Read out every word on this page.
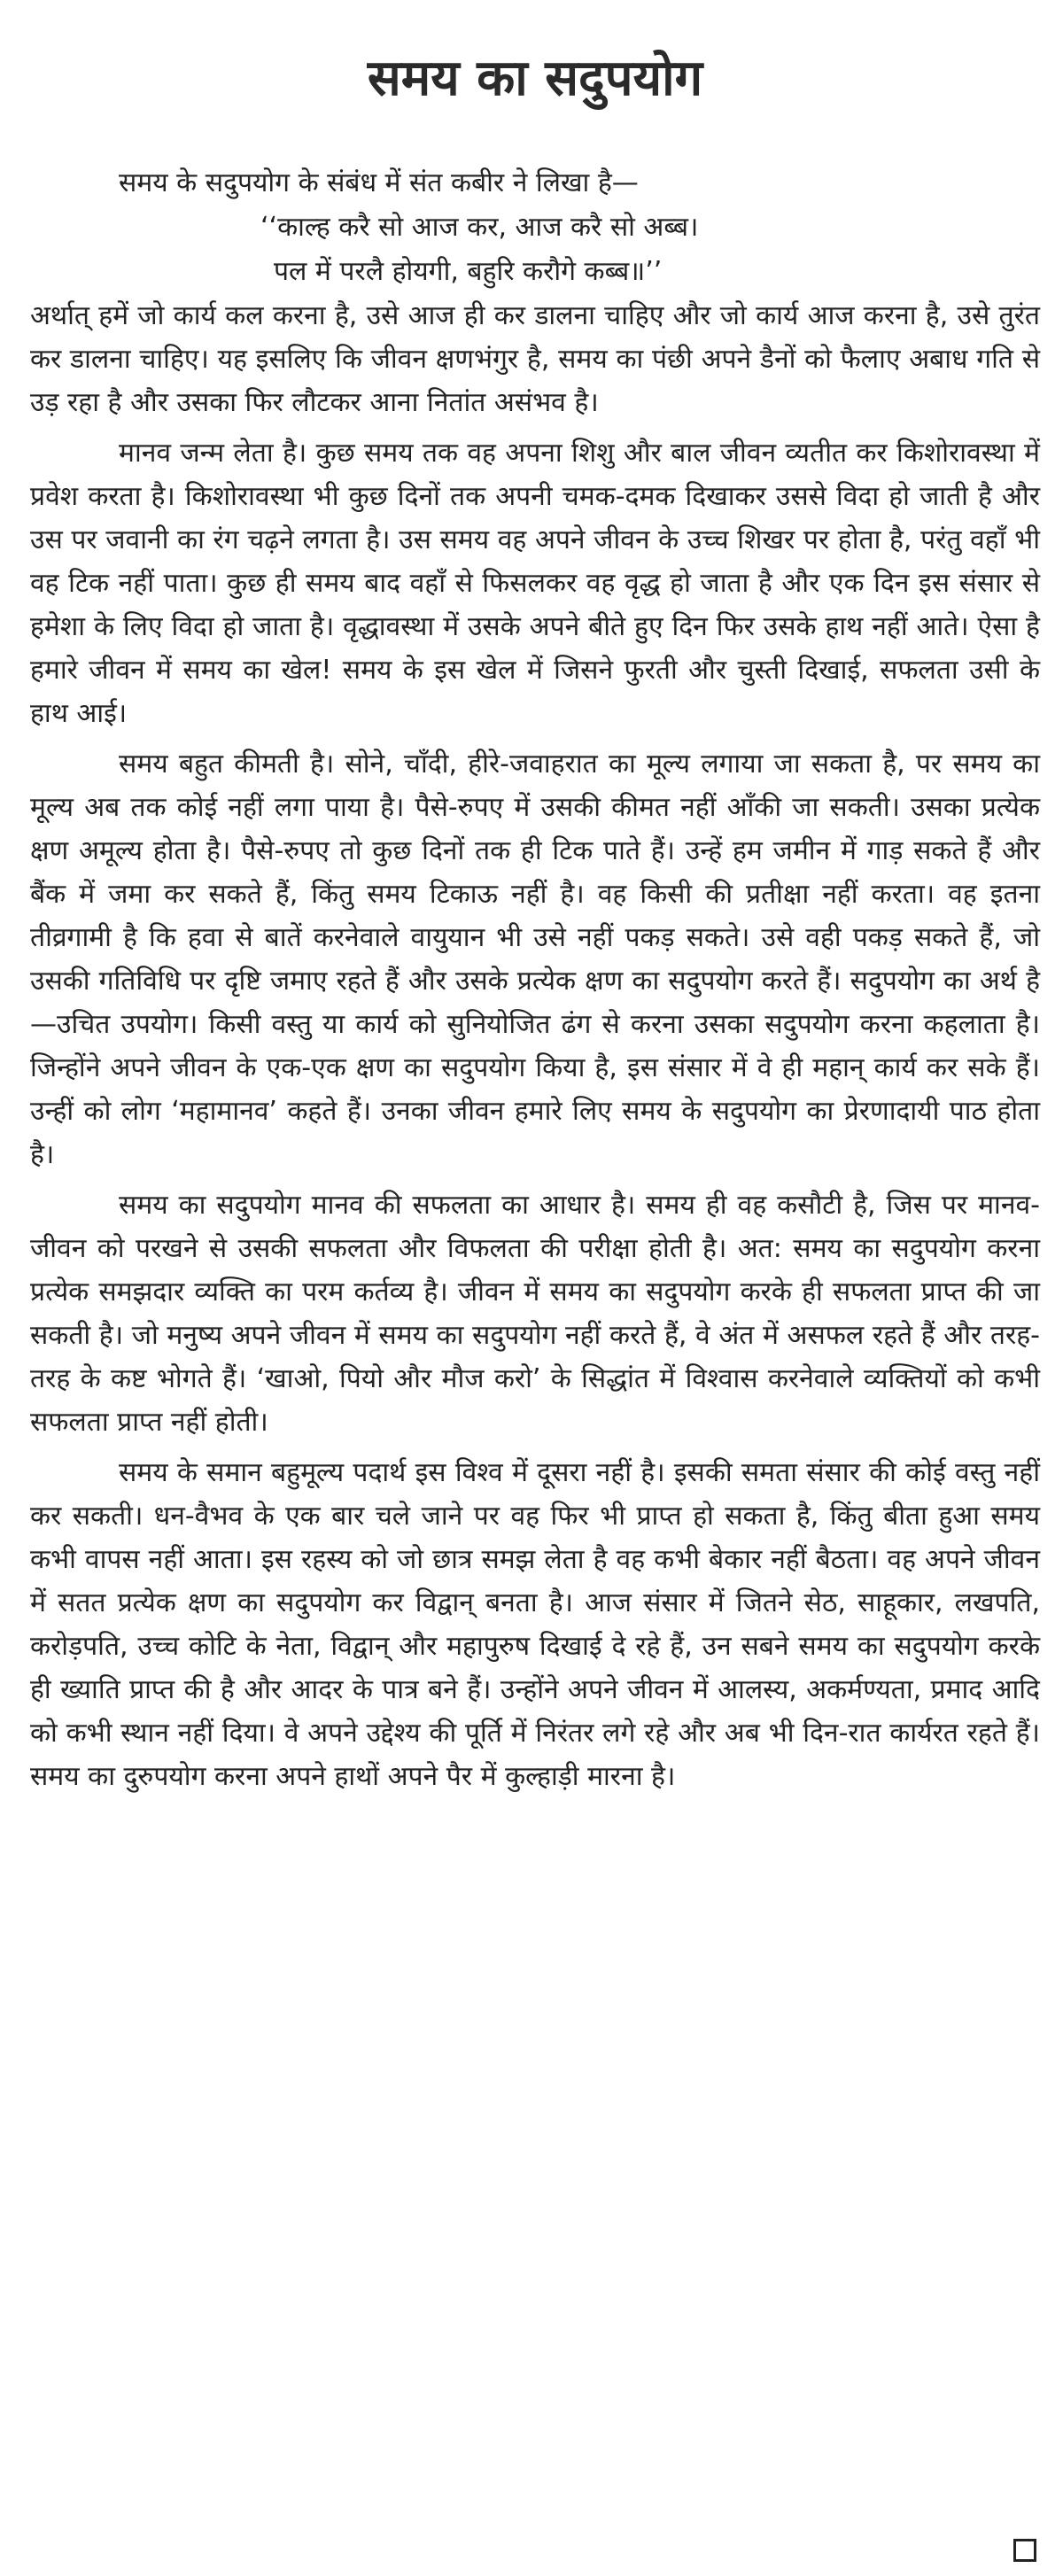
समय का सदुपयोग

समय के सदुपयोग के संबंध में संत कबीर ने लिखा है—

‘‘काल्ह करै सो आज कर, आज करै सो अब्ब।

पल में परलै होयगी, बहुरि करौगे कब्ब॥’’

अर्थात् हमें जो कार्य कल करना है, उसे आज ही कर डालना चाहिए और जो कार्य आज करना है, उसे तुरंत कर डालना चाहिए। यह इसलिए कि जीवन क्षणभंगुर है, समय का पंछी अपने डैनों को फैलाए अबाध गति से उड़ रहा है और उसका फिर लौटकर आना नितांत असंभव है।

मानव जन्म लेता है। कुछ समय तक वह अपना शिशु और बाल जीवन व्यतीत कर किशोरावस्था में प्रवेश करता है। किशोरावस्था भी कुछ दिनों तक अपनी चमक-दमक दिखाकर उससे विदा हो जाती है और उस पर जवानी का रंग चढ़ने लगता है। उस समय वह अपने जीवन के उच्च शिखर पर होता है, परंतु वहाँ भी वह टिक नहीं पाता। कुछ ही समय बाद वहाँ से फिसलकर वह वृद्ध हो जाता है और एक दिन इस संसार से हमेशा के लिए विदा हो जाता है। वृद्धावस्था में उसके अपने बीते हुए दिन फिर उसके हाथ नहीं आते। ऐसा है हमारे जीवन में समय का खेल! समय के इस खेल में जिसने फुरती और चुस्ती दिखाई, सफलता उसी के हाथ आई।

समय बहुत कीमती है। सोने, चाँदी, हीरे-जवाहरात का मूल्य लगाया जा सकता है, पर समय का मूल्य अब तक कोई नहीं लगा पाया है। पैसे-रुपए में उसकी कीमत नहीं आँकी जा सकती। उसका प्रत्येक क्षण अमूल्य होता है। पैसे-रुपए तो कुछ दिनों तक ही टिक पाते हैं। उन्हें हम जमीन में गाड़ सकते हैं और बैंक में जमा कर सकते हैं, किंतु समय टिकाऊ नहीं है। वह किसी की प्रतीक्षा नहीं करता। वह इतना तीव्रगामी है कि हवा से बातें करनेवाले वायुयान भी उसे नहीं पकड़ सकते। उसे वही पकड़ सकते हैं, जो उसकी गतिविधि पर दृष्टि जमाए रहते हैं और उसके प्रत्येक क्षण का सदुपयोग करते हैं। सदुपयोग का अर्थ है—उचित उपयोग। किसी वस्तु या कार्य को सुनियोजित ढंग से करना उसका सदुपयोग करना कहलाता है। जिन्होंने अपने जीवन के एक-एक क्षण का सदुपयोग किया है, इस संसार में वे ही महान् कार्य कर सके हैं। उन्हीं को लोग ‘महामानव’ कहते हैं। उनका जीवन हमारे लिए समय के सदुपयोग का प्रेरणादायी पाठ होता है।

समय का सदुपयोग मानव की सफलता का आधार है। समय ही वह कसौटी है, जिस पर मानव-जीवन को परखने से उसकी सफलता और विफलता की परीक्षा होती है। अत: समय का सदुपयोग करना प्रत्येक समझदार व्यक्ति का परम कर्तव्य है। जीवन में समय का सदुपयोग करके ही सफलता प्राप्त की जा सकती है। जो मनुष्य अपने जीवन में समय का सदुपयोग नहीं करते हैं, वे अंत में असफल रहते हैं और तरह-तरह के कष्ट भोगते हैं। ‘खाओ, पियो और मौज करो’ के सिद्धांत में विश्वास करनेवाले व्यक्तियों को कभी सफलता प्राप्त नहीं होती।

समय के समान बहुमूल्य पदार्थ इस विश्व में दूसरा नहीं है। इसकी समता संसार की कोई वस्तु नहीं कर सकती। धन-वैभव के एक बार चले जाने पर वह फिर भी प्राप्त हो सकता है, किंतु बीता हुआ समय कभी वापस नहीं आता। इस रहस्य को जो छात्र समझ लेता है वह कभी बेकार नहीं बैठता। वह अपने जीवन में सतत प्रत्येक क्षण का सदुपयोग कर विद्वान् बनता है। आज संसार में जितने सेठ, साहूकार, लखपति, करोड़पति, उच्च कोटि के नेता, विद्वान् और महापुरुष दिखाई दे रहे हैं, उन सबने समय का सदुपयोग करके ही ख्याति प्राप्त की है और आदर के पात्र बने हैं। उन्होंने अपने जीवन में आलस्य, अकर्मण्यता, प्रमाद आदि को कभी स्थान नहीं दिया। वे अपने उद्देश्य की पूर्ति में निरंतर लगे रहे और अब भी दिन-रात कार्यरत रहते हैं। समय का दुरुपयोग करना अपने हाथों अपने पैर में कुल्हाड़ी मारना है।
